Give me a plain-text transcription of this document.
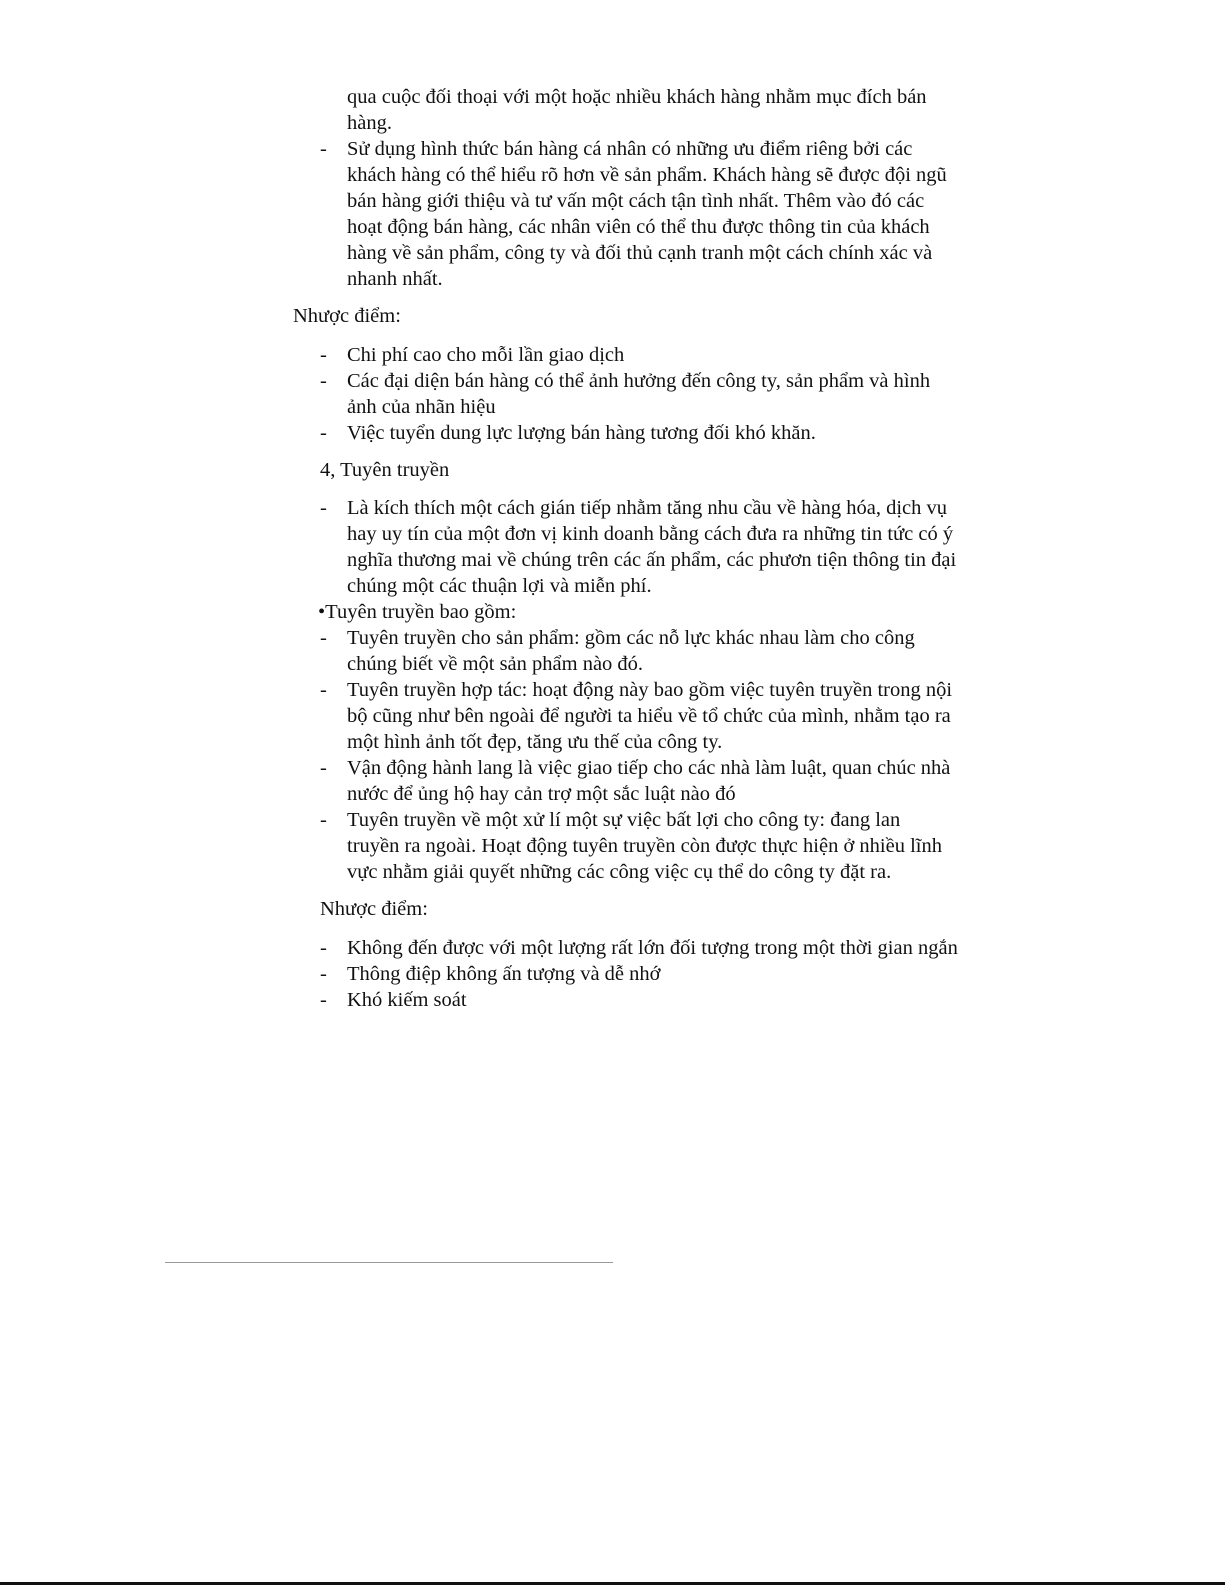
qua cuộc đối thoại với một hoặc nhiều khách hàng nhằm mục đích bán
hàng.
- Sử dụng hình thức bán hàng cá nhân có những ưu điểm riêng bởi các
khách hàng có thể hiểu rõ hơn về sản phẩm. Khách hàng sẽ được đội ngũ
bán hàng giới thiệu và tư vấn một cách tận tình nhất. Thêm vào đó các
hoạt động bán hàng, các nhân viên có thể thu được thông tin của khách
hàng về sản phẩm, công ty và đối thủ cạnh tranh một cách chính xác và
nhanh nhất.
Nhược điểm:
- Chi phí cao cho mỗi lần giao dịch
- Các đại diện bán hàng có thể ảnh hưởng đến công ty, sản phẩm và hình
ảnh của nhãn hiệu
- Việc tuyển dung lực lượng bán hàng tương đối khó khăn.
4, Tuyên truyền
- Là kích thích một cách gián tiếp nhằm tăng nhu cầu về hàng hóa, dịch vụ
hay uy tín của một đơn vị kinh doanh bằng cách đưa ra những tin tức có ý
nghĩa thương mai về chúng trên các ấn phẩm, các phươn tiện thông tin đại
chúng một các thuận lợi và miễn phí.
•Tuyên truyền bao gồm:
- Tuyên truyền cho sản phẩm: gồm các nỗ lực khác nhau làm cho công
chúng biết về một sản phẩm nào đó.
- Tuyên truyền hợp tác: hoạt động này bao gồm việc tuyên truyền trong nội
bộ cũng như bên ngoài để người ta hiểu về tổ chức của mình, nhằm tạo ra
một hình ảnh tốt đẹp, tăng ưu thế của công ty.
- Vận động hành lang là việc giao tiếp cho các nhà làm luật, quan chúc nhà
nước để ủng hộ hay cản trợ một sắc luật nào đó
- Tuyên truyền về một xử lí một sự việc bất lợi cho công ty: đang lan
truyền ra ngoài. Hoạt động tuyên truyền còn được thực hiện ở nhiều lĩnh
vực nhằm giải quyết những các công việc cụ thể do công ty đặt ra.
Nhược điểm:
- Không đến được với một lượng rất lớn đối tượng trong một thời gian ngắn
- Thông điệp không ấn tượng và dễ nhớ
- Khó kiếm soát
